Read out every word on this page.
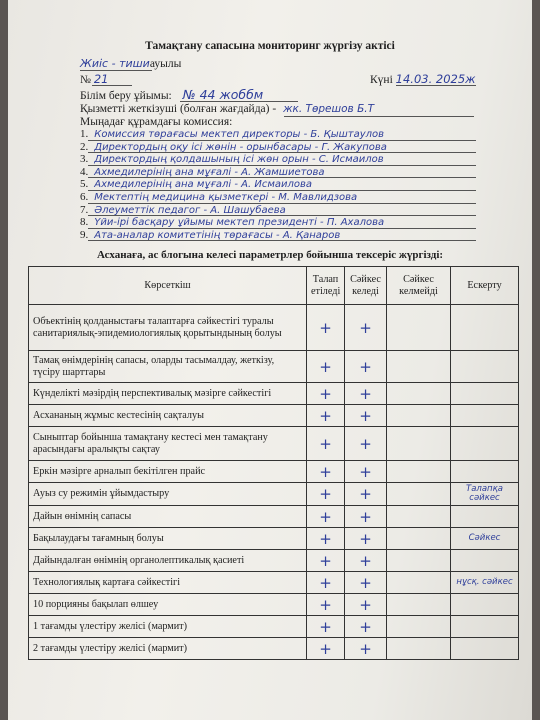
Тамақтану сапасына мониторинг жүргізу актісі
Жиіс - тишиауылы
№ 21	Күні 14.03. 2025ж
Білім беру ұйымы: № 44 жоббм
Қызметті жеткізуші (болған жағдайда) - жк. Төрешов Б.Т
Мыңадағ құрамдағы комиссия:
1. Комиссия төрағасы мектеп директоры - Б. Қыштаулов
2. Директордың оқу ісі жөнін - орынбасары - Г. Жакупова
3. Директордың қолдашының ісі жөн орын - С. Исмаилов
4. Ахмедилерінің ана мұғалі - А. Жамшиетова
5. Ахмедилерінің ана мұғалі - А. Исмаилова
6. Мектептің медицина қызметкері - М. Мавлидзова
7. Әлеуметтік педагог - А. Шашубаева
8. Үйи-ірі басқару ұйымы мектеп президенті - П. Ахалова
9. Ата-аналар комитетінің төрағасы - А. Қанаров
Асханаға, ас блогына келесі параметрлер бойынша тексеріс жүргізді:
Көрсеткіш	Талап етіледі	Сәйкес келеді	Сәйкес келмейді	Ескерту
Объектінің қолданыстағы талаптарға сәйкестігі туралы санитариялық-эпидемиологиялық қорытындының болуы	+	+		
Тамақ өнімдерінің сапасы, оларды тасымалдау, жеткізу, түсіру шарттары	+	+		
Күнделікті мәзірдің перспективалық мәзірге сәйкестігі	+	+		
Асхананың жұмыс кестесінің сақталуы	+	+		
Сыныптар бойынша тамақтану кестесі мен тамақтану арасындағы аралықты сақтау	+	+		
Еркін мәзірге арналып бекітілген прайс	+	+		
Ауыз су режимін ұйымдастыру	+	+		Талапқа сәйкес
Дайын өнімнің сапасы	+	+		
Бақылаудағы тағамның болуы	+	+		Сәйкес
Дайындалған өнімнің органолептикалық қасиеті	+	+		
Технологиялық картаға сәйкестігі	+	+		нұсқ. сәйкес
10 порцияны бақылап өлшеу	+	+		
1 тағамды үлестіру желісі (мармит)	+	+		
2 тағамды үлестіру желісі (мармит)	+	+		
